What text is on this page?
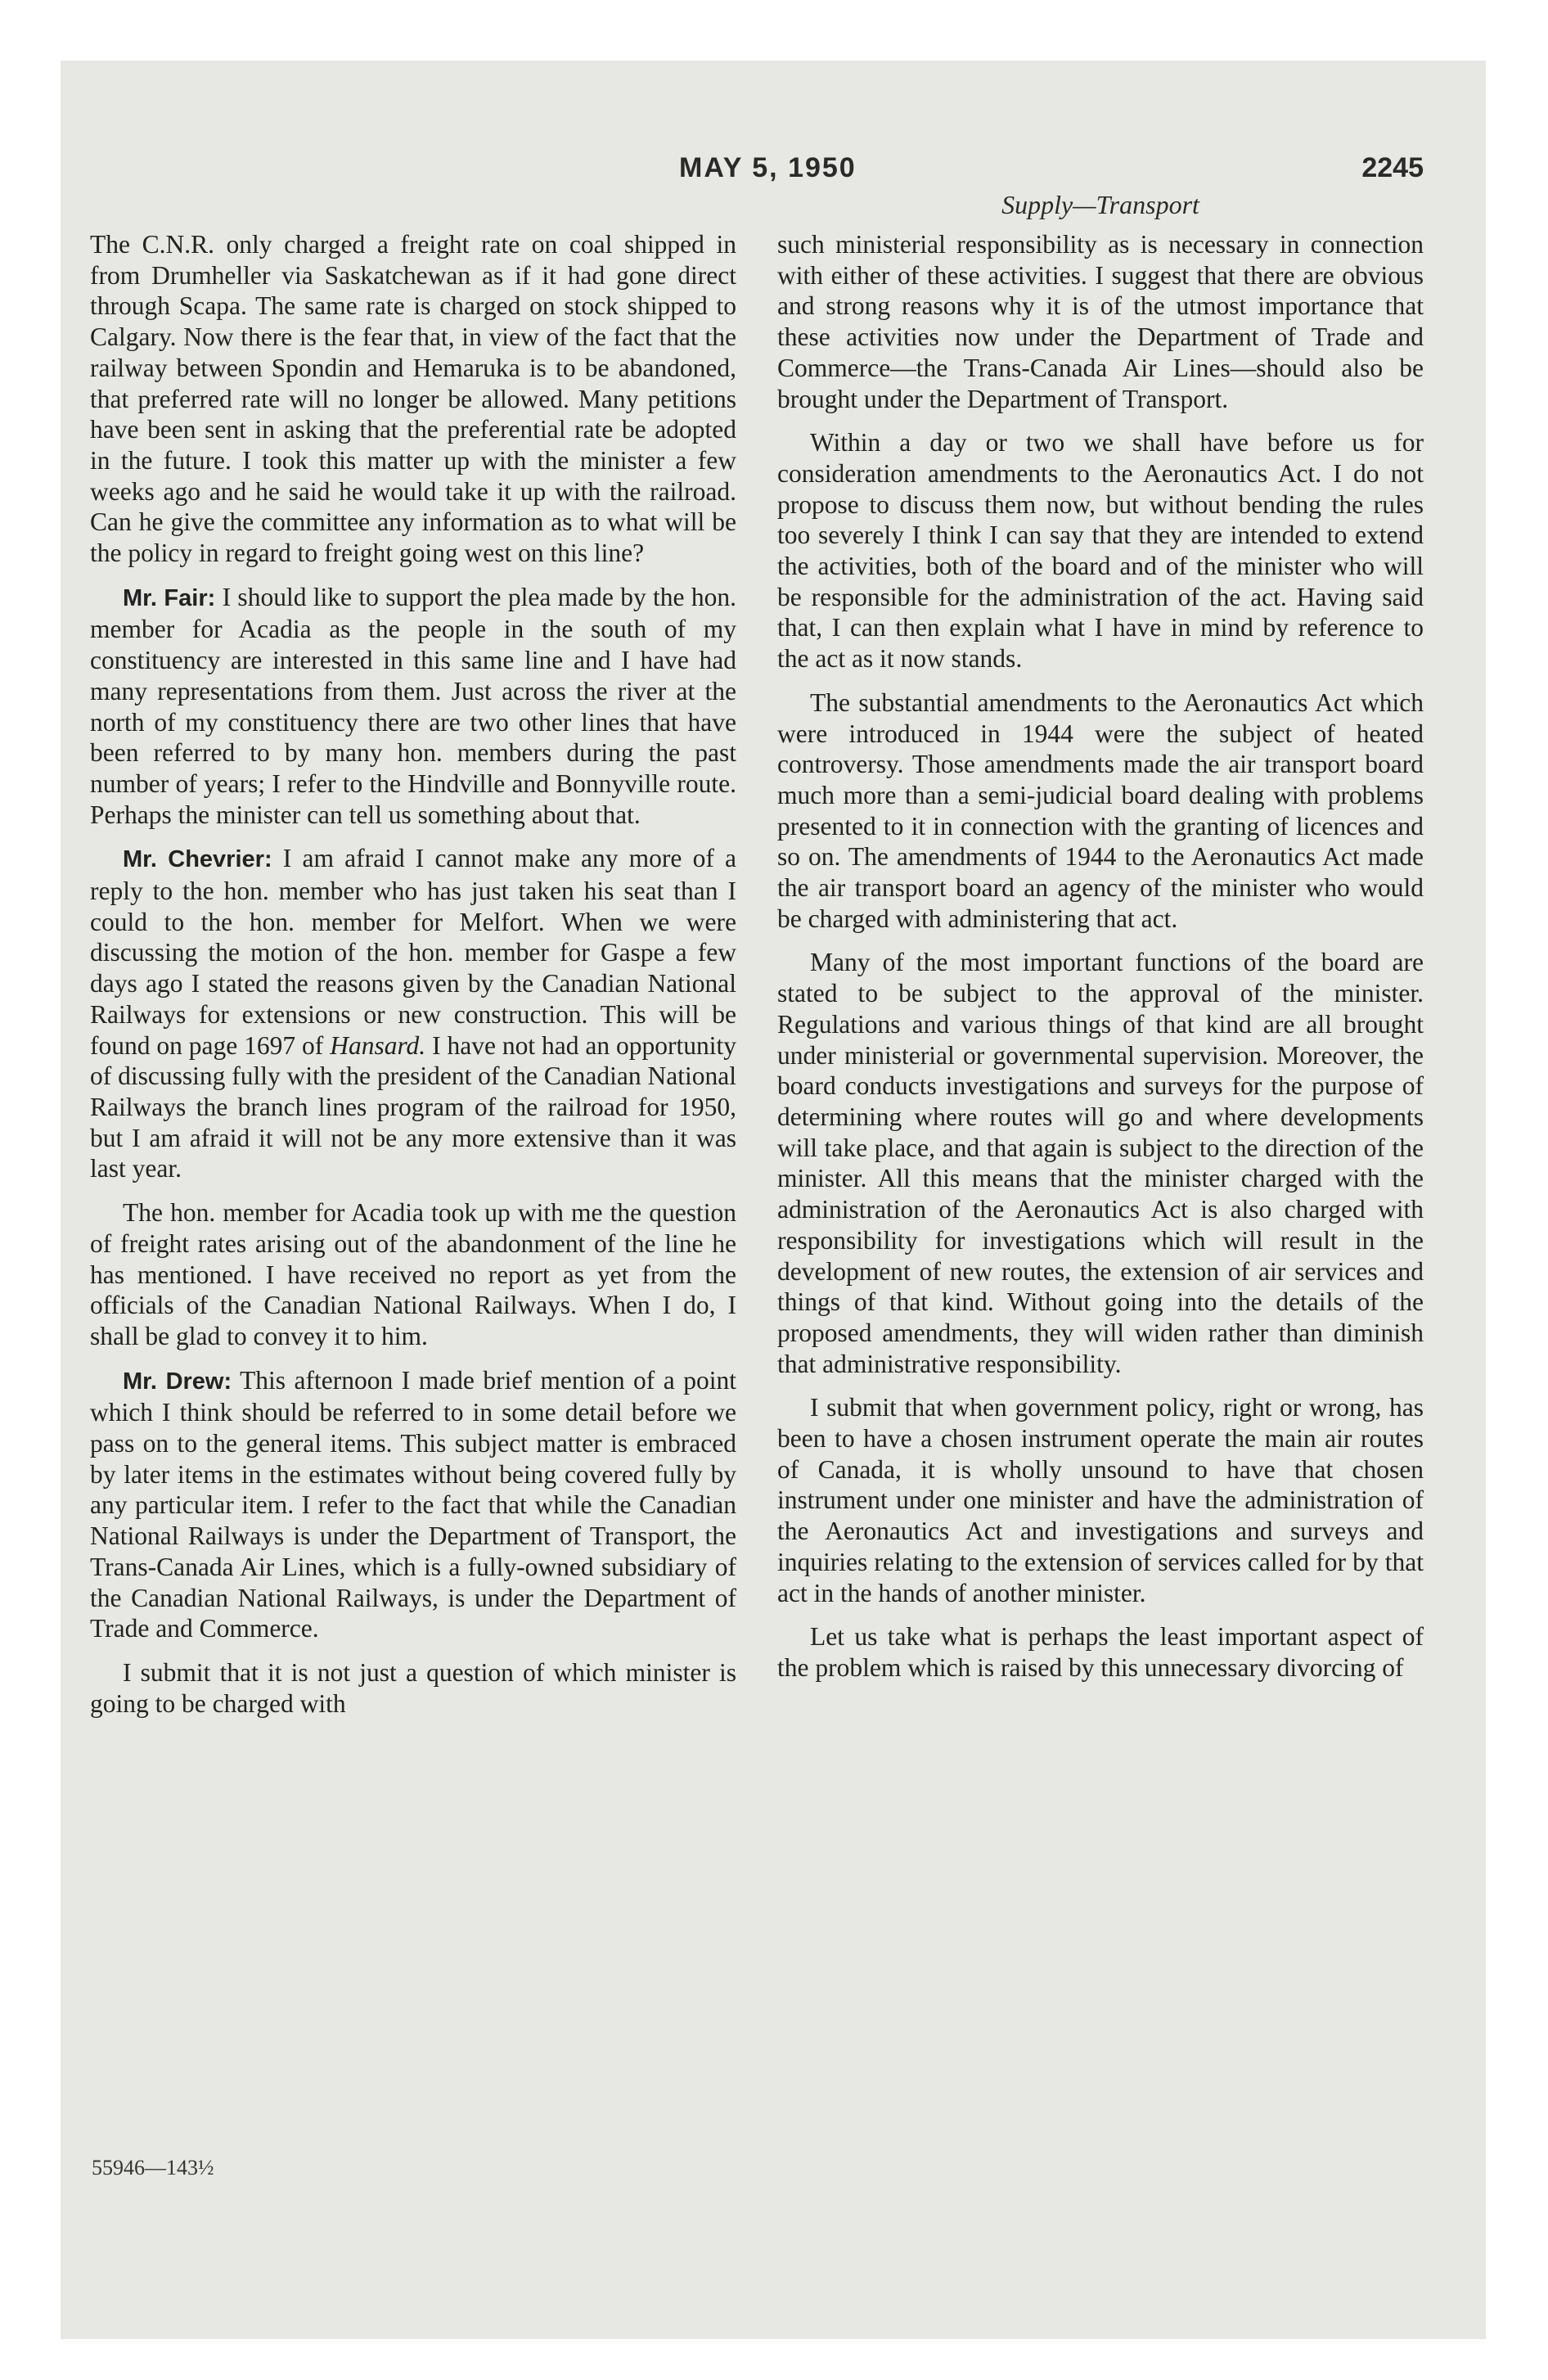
MAY 5, 1950	2245
Supply—Transport

The C.N.R. only charged a freight rate on coal shipped in from Drumheller via Saskatchewan as if it had gone direct through Scapa. The same rate is charged on stock shipped to Calgary. Now there is the fear that, in view of the fact that the railway between Spondin and Hemaruka is to be abandoned, that preferred rate will no longer be allowed. Many petitions have been sent in asking that the preferential rate be adopted in the future. I took this matter up with the minister a few weeks ago and he said he would take it up with the railroad. Can he give the committee any information as to what will be the policy in regard to freight going west on this line?

Mr. Fair: I should like to support the plea made by the hon. member for Acadia as the people in the south of my constituency are interested in this same line and I have had many representations from them. Just across the river at the north of my constituency there are two other lines that have been referred to by many hon. members during the past number of years; I refer to the Hindville and Bonnyville route. Perhaps the minister can tell us something about that.

Mr. Chevrier: I am afraid I cannot make any more of a reply to the hon. member who has just taken his seat than I could to the hon. member for Melfort. When we were discussing the motion of the hon. member for Gaspe a few days ago I stated the reasons given by the Canadian National Railways for extensions or new construction. This will be found on page 1697 of Hansard. I have not had an opportunity of discussing fully with the president of the Canadian National Railways the branch lines program of the railroad for 1950, but I am afraid it will not be any more extensive than it was last year.

The hon. member for Acadia took up with me the question of freight rates arising out of the abandonment of the line he has mentioned. I have received no report as yet from the officials of the Canadian National Railways. When I do, I shall be glad to convey it to him.

Mr. Drew: This afternoon I made brief mention of a point which I think should be referred to in some detail before we pass on to the general items. This subject matter is embraced by later items in the estimates without being covered fully by any particular item. I refer to the fact that while the Canadian National Railways is under the Department of Transport, the Trans-Canada Air Lines, which is a fully-owned subsidiary of the Canadian National Railways, is under the Department of Trade and Commerce.

I submit that it is not just a question of which minister is going to be charged with

such ministerial responsibility as is necessary in connection with either of these activities. I suggest that there are obvious and strong reasons why it is of the utmost importance that these activities now under the Department of Trade and Commerce—the Trans-Canada Air Lines—should also be brought under the Department of Transport.

Within a day or two we shall have before us for consideration amendments to the Aeronautics Act. I do not propose to discuss them now, but without bending the rules too severely I think I can say that they are intended to extend the activities, both of the board and of the minister who will be responsible for the administration of the act. Having said that, I can then explain what I have in mind by reference to the act as it now stands.

The substantial amendments to the Aeronautics Act which were introduced in 1944 were the subject of heated controversy. Those amendments made the air transport board much more than a semi-judicial board dealing with problems presented to it in connection with the granting of licences and so on. The amendments of 1944 to the Aeronautics Act made the air transport board an agency of the minister who would be charged with administering that act.

Many of the most important functions of the board are stated to be subject to the approval of the minister. Regulations and various things of that kind are all brought under ministerial or governmental supervision. Moreover, the board conducts investigations and surveys for the purpose of determining where routes will go and where developments will take place, and that again is subject to the direction of the minister. All this means that the minister charged with the administration of the Aeronautics Act is also charged with responsibility for investigations which will result in the development of new routes, the extension of air services and things of that kind. Without going into the details of the proposed amendments, they will widen rather than diminish that administrative responsibility.

I submit that when government policy, right or wrong, has been to have a chosen instrument operate the main air routes of Canada, it is wholly unsound to have that chosen instrument under one minister and have the administration of the Aeronautics Act and investigations and surveys and inquiries relating to the extension of services called for by that act in the hands of another minister.

Let us take what is perhaps the least important aspect of the problem which is raised by this unnecessary divorcing of

55946—143½
